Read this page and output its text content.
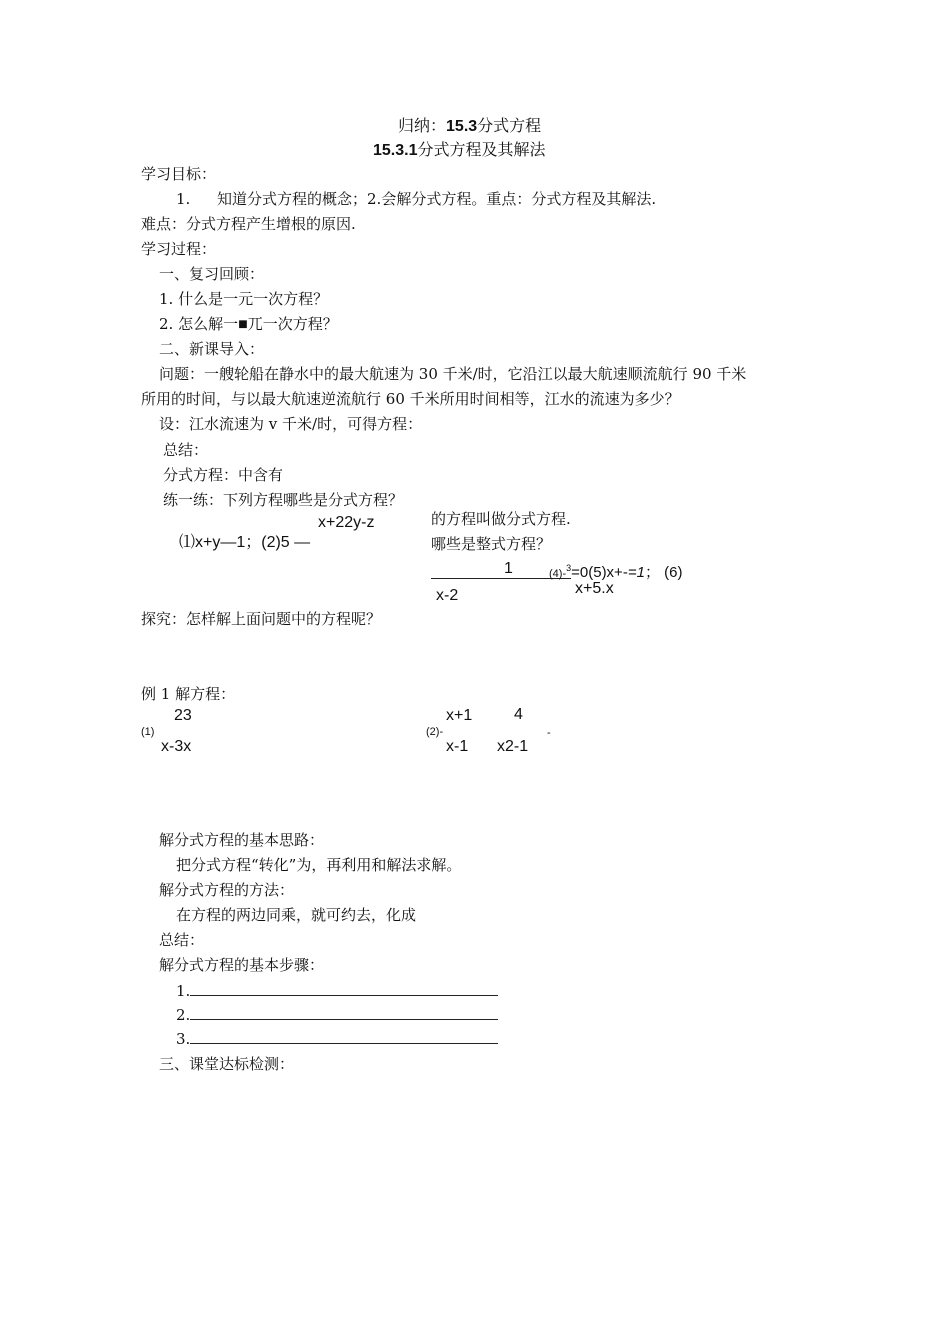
归纳：15.3分式方程
15.3.1分式方程及其解法
学习目标：
1. 知道分式方程的概念；2.会解分式方程。重点：分式方程及其解法.
难点：分式方程产生增根的原因.
学习过程：
一、复习回顾：
1. 什么是一元一次方程？
2. 怎么解一■兀一次方程？
二、新课导入：
问题：一艘轮船在静水中的最大航速为 30 千米/时，它沿江以最大航速顺流航行 90 千米
所用的时间，与以最大航速逆流航行 60 千米所用时间相等，江水的流速为多少？
设：江水流速为 v 千米/时，可得方程：
总结：
分式方程：中含有
练一练：下列方程哪些是分式方程？
x+22y-z
⑴x+y—1；(2)5 —
的方程叫做分式方程.
哪些是整式方程？
1
x-2
(4)-$^3$=0(5)x+-=1； (6)
x+5.x
探究：怎样解上面问题中的方程呢？
例 1 解方程：
23
(1)
x-3x
x+1	4
(2)-
x-1 x2-1
-
解分式方程的基本思路：
把分式方程“转化”为，再利用和解法求解。
解分式方程的方法：
在方程的两边同乘，就可约去，化成
总结：
解分式方程的基本步骤：
1.
2.
3.
三、课堂达标检测：
